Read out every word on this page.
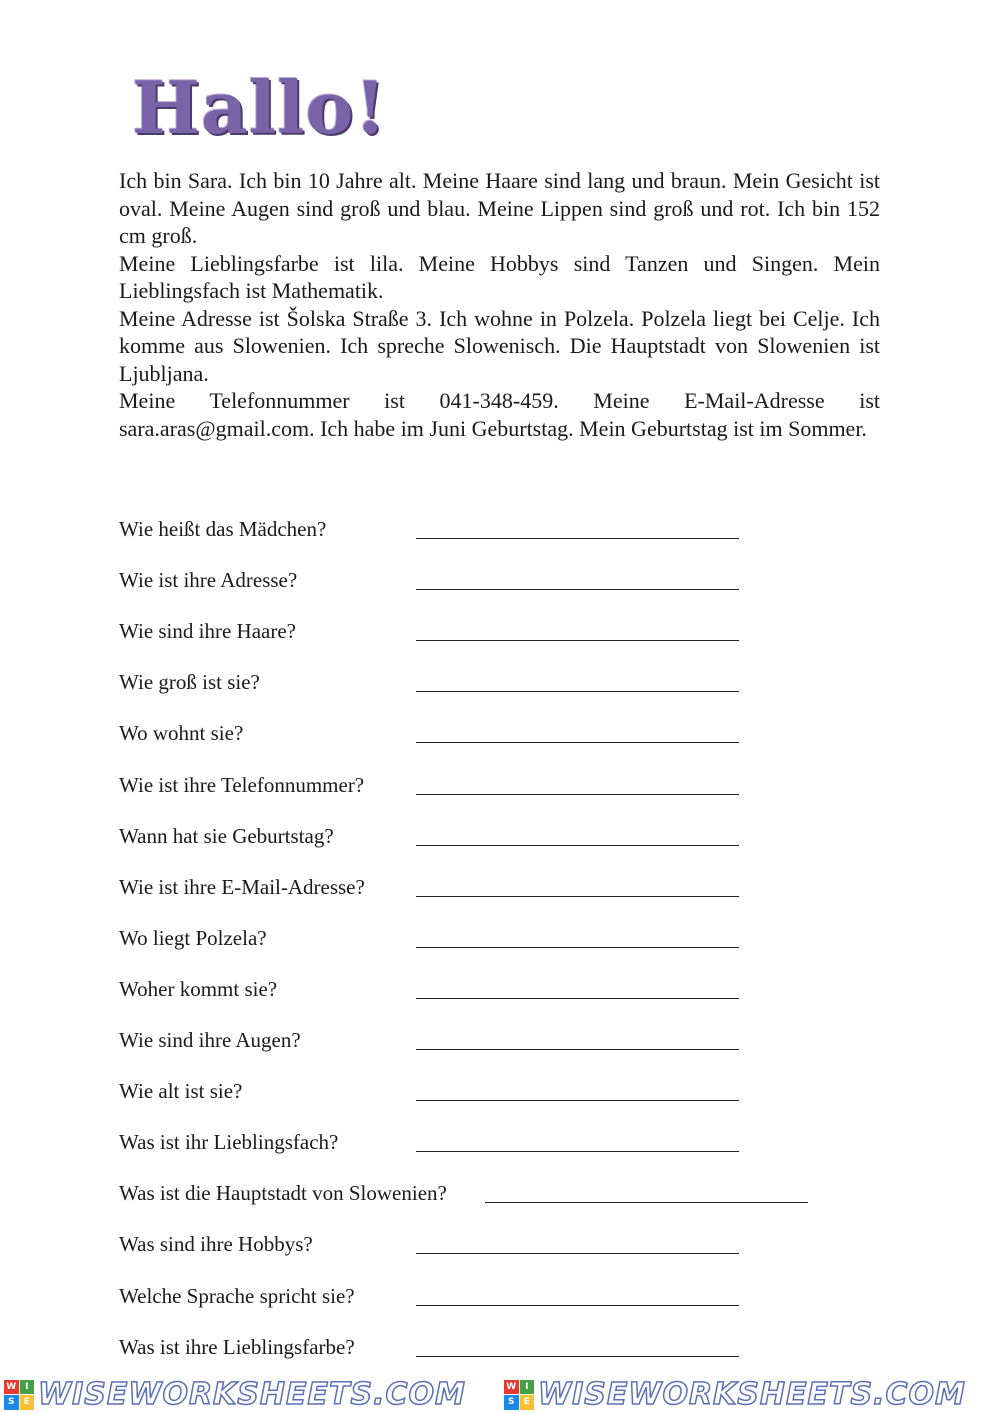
Hallo!

Ich bin Sara. Ich bin 10 Jahre alt. Meine Haare sind lang und braun. Mein Gesicht ist oval. Meine Augen sind groß und blau. Meine Lippen sind groß und rot. Ich bin 152 cm groß.

Meine Lieblingsfarbe ist lila. Meine Hobbys sind Tanzen und Singen. Mein Lieblingsfach ist Mathematik.

Meine Adresse ist Šolska Straße 3. Ich wohne in Polzela. Polzela liegt bei Celje. Ich komme aus Slowenien. Ich spreche Slowenisch. Die Hauptstadt von Slowenien ist Ljubljana.

Meine Telefonnummer ist 041-348-459. Meine E-Mail-Adresse ist sara.aras@gmail.com. Ich habe im Juni Geburtstag. Mein Geburtstag ist im Sommer.

Wie heißt das Mädchen?
Wie ist ihre Adresse?
Wie sind ihre Haare?
Wie groß ist sie?
Wo wohnt sie?
Wie ist ihre Telefonnummer?
Wann hat sie Geburtstag?
Wie ist ihre E-Mail-Adresse?
Wo liegt Polzela?
Woher kommt sie?
Wie sind ihre Augen?
Wie alt ist sie?
Was ist ihr Lieblingsfach?
Was ist die Hauptstadt von Slowenien?
Was sind ihre Hobbys?
Welche Sprache spricht sie?
Was ist ihre Lieblingsfarbe?
W I
S	E WISEWORKSHEETS.COM	W I
S	E WISEWORKSHEETS.COM
